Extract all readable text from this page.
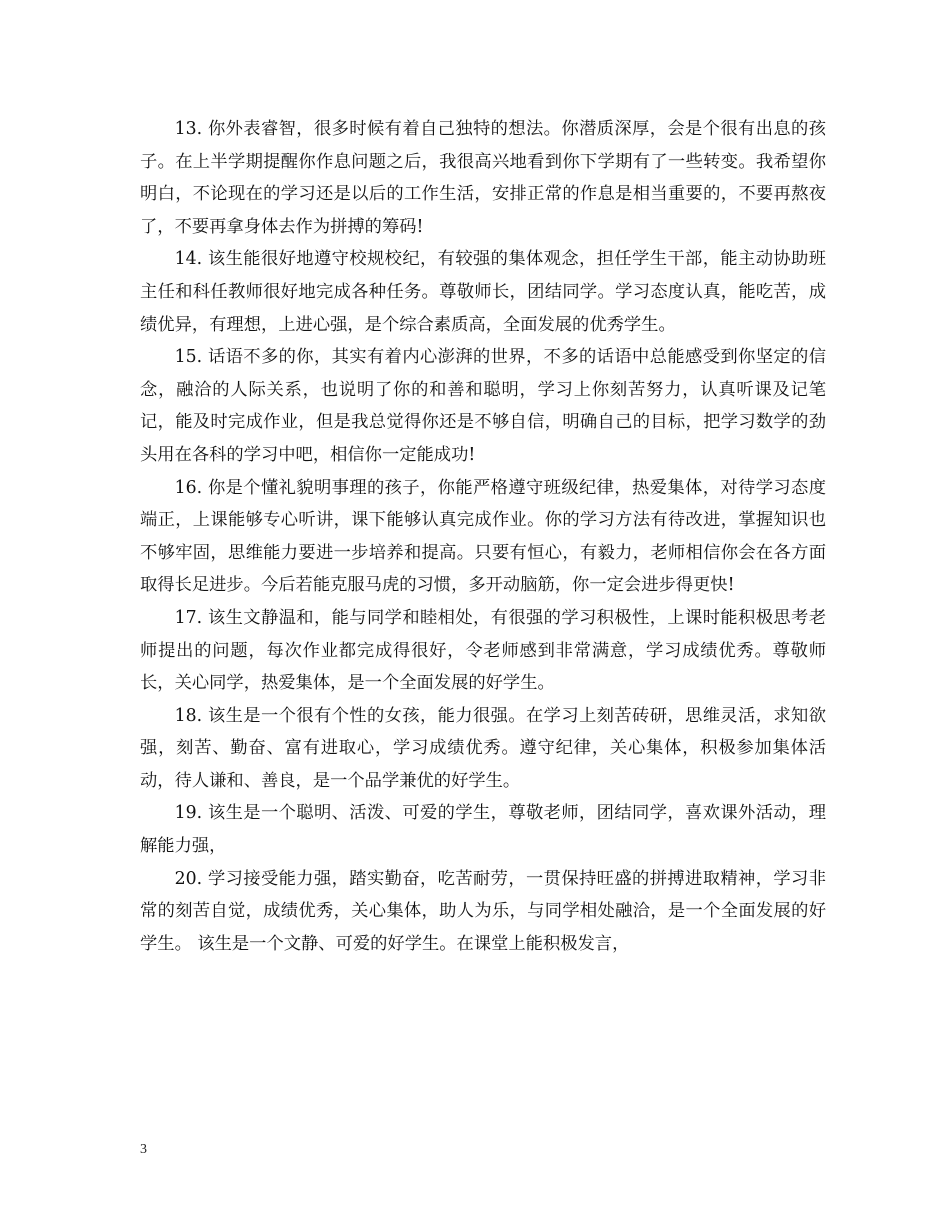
13. 你外表睿智，很多时候有着自己独特的想法。你潜质深厚，会是个很有出息的孩子。在上半学期提醒你作息问题之后，我很高兴地看到你下学期有了一些转变。我希望你明白，不论现在的学习还是以后的工作生活，安排正常的作息是相当重要的，不要再熬夜了，不要再拿身体去作为拼搏的筹码!

14. 该生能很好地遵守校规校纪，有较强的集体观念，担任学生干部，能主动协助班主任和科任教师很好地完成各种任务。尊敬师长，团结同学。学习态度认真，能吃苦，成绩优异，有理想，上进心强，是个综合素质高，全面发展的优秀学生。

15. 话语不多的你，其实有着内心澎湃的世界，不多的话语中总能感受到你坚定的信念，融洽的人际关系，也说明了你的和善和聪明，学习上你刻苦努力，认真听课及记笔记，能及时完成作业，但是我总觉得你还是不够自信，明确自己的目标，把学习数学的劲头用在各科的学习中吧，相信你一定能成功!

16. 你是个懂礼貌明事理的孩子，你能严格遵守班级纪律，热爱集体，对待学习态度端正，上课能够专心听讲，课下能够认真完成作业。你的学习方法有待改进，掌握知识也不够牢固，思维能力要进一步培养和提高。只要有恒心，有毅力，老师相信你会在各方面取得长足进步。今后若能克服马虎的习惯，多开动脑筋，你一定会进步得更快!

17. 该生文静温和，能与同学和睦相处，有很强的学习积极性，上课时能积极思考老师提出的问题，每次作业都完成得很好，令老师感到非常满意，学习成绩优秀。尊敬师长，关心同学，热爱集体，是一个全面发展的好学生。

18. 该生是一个很有个性的女孩，能力很强。在学习上刻苦砖研，思维灵活，求知欲强，刻苦、勤奋、富有进取心，学习成绩优秀。遵守纪律，关心集体，积极参加集体活动，待人谦和、善良，是一个品学兼优的好学生。

19. 该生是一个聪明、活泼、可爱的学生，尊敬老师，团结同学，喜欢课外活动，理解能力强，

20. 学习接受能力强，踏实勤奋，吃苦耐劳，一贯保持旺盛的拼搏进取精神，学习非常的刻苦自觉，成绩优秀，关心集体，助人为乐，与同学相处融洽，是一个全面发展的好学生。 该生是一个文静、可爱的好学生。在课堂上能积极发言，

3
